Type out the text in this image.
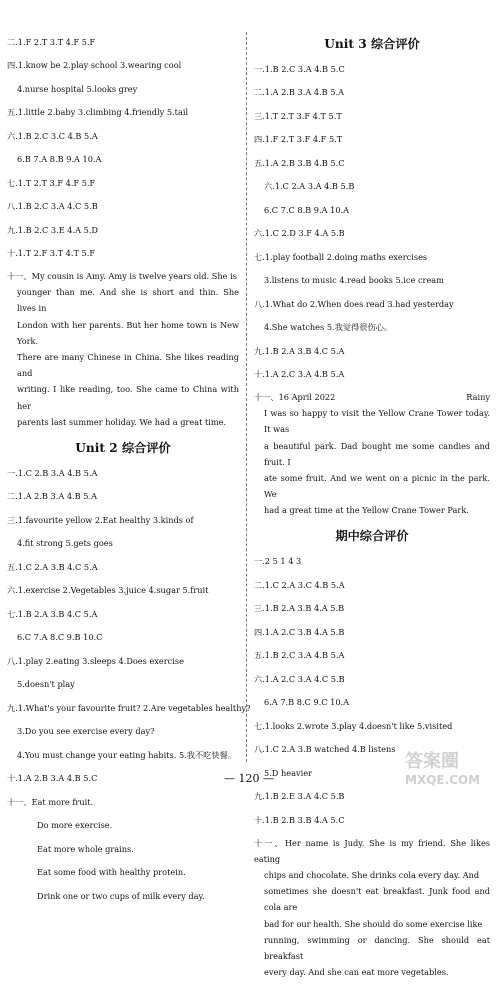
二.1.F 2.T 3.T 4.F 5.F
四.1.know be 2.play school 3.wearing cool
4.nurse hospital 5.looks grey
五.1.little 2.baby 3.climbing 4.friendly 5.tail
六.1.B 2.C 3.C 4.B 5.A
6.B 7.A 8.B 9.A 10.A
七.1.T 2.T 3.F 4.F 5.F
八.1.B 2.C 3.A 4.C 5.B
九.1.B 2.C 3.E 4.A 5.D
十.1.T 2.F 3.T 4.T 5.F
十一、My cousin is Amy. Amy is twelve years old. She is
younger than me. And she is short and thin. She lives in
London with her parents. But her home town is New York.
There are many Chinese in China. She likes reading and
writing. I like reading, too. She came to China with her
parents last summer holiday. We had a great time.
Unit 2 综合评价
一.1.C 2.B 3.A 4.B 5.A
二.1.A 2.B 3.A 4.B 5.A
三.1.favourite yellow 2.Eat healthy 3.kinds of
4.fit strong 5.gets goes
五.1.C 2.A 3.B 4.C 5.A
六.1.exercise 2.Vegetables 3.juice 4.sugar 5.fruit
七.1.B 2.A 3.B 4.C 5.A
6.C 7.A 8.C 9.B 10.C
八.1.play 2.eating 3.sleeps 4.Does exercise
5.doesn't play
九.1.What's your favourite fruit? 2.Are vegetables healthy?
3.Do you see exercise every day?
4.You must change your eating habits. 5.我不吃快餐。
十.1.A 2.B 3.A 4.B 5.C
十一、 Eat more fruit.
Do more exercise.
Eat more whole grains.
Eat some food with healthy protein.
Drink one or two cups of milk every day.
Unit 3 综合评价
一.1.B 2.C 3.A 4.B 5.C
二.1.A 2.B 3.A 4.B 5.A
三.1.T 2.T 3.F 4.T 5.T
四.1.F 2.T 3.F 4.F 5.T
五.1.A 2.B 3.B 4.B 5.C
六.1.C 2.A 3.A 4.B 5.B
6.C 7.C 8.B 9.A 10.A
六.1.C 2.D 3.F 4.A 5.B
七.1.play football 2.doing maths exercises
3.listens to music 4.read books 5.ice cream
八.1.What do 2.When does read 3.had yesterday
4.She watches 5.我觉得很伤心。
九.1.B 2.A 3.B 4.C 5.A
十.1.A 2.C 3.A 4.B 5.A
十一、16 April 2022	Rainy
I was so happy to visit the Yellow Crane Tower today. It was
a beautiful park. Dad bought me some candies and fruit. I
ate some fruit. And we went on a picnic in the park. We
had a great time at the Yellow Crane Tower Park.
期中综合评价
一.2 5 1 4 3
二.1.C 2.A 3.C 4.B 5.A
三.1.B 2.A 3.B 4.A 5.B
四.1.A 2.C 3.B 4.A 5.B
五.1.B 2.C 3.A 4.B 5.A
六.1.A 2.C 3.A 4.C 5.B
6.A 7.B 8.C 9.C 10.A
七.1.looks 2.wrote 3.play 4.doesn't like 5.visited
八.1.C 2.A 3.B watched 4.B listens
5.D heavier
九.1.B 2.E 3.A 4.C 5.B
十.1.B 2.B 3.B 4.A 5.C
十一、Her name is Judy. She is my friend. She likes eating
chips and chocolate. She drinks cola every day. And
sometimes she doesn't eat breakfast. Junk food and cola are
bad for our health. She should do some exercise like
running, swimming or dancing. She should eat breakfast
every day. And she can eat more vegetables.
— 120 —
答案圈
MXQE.COM
